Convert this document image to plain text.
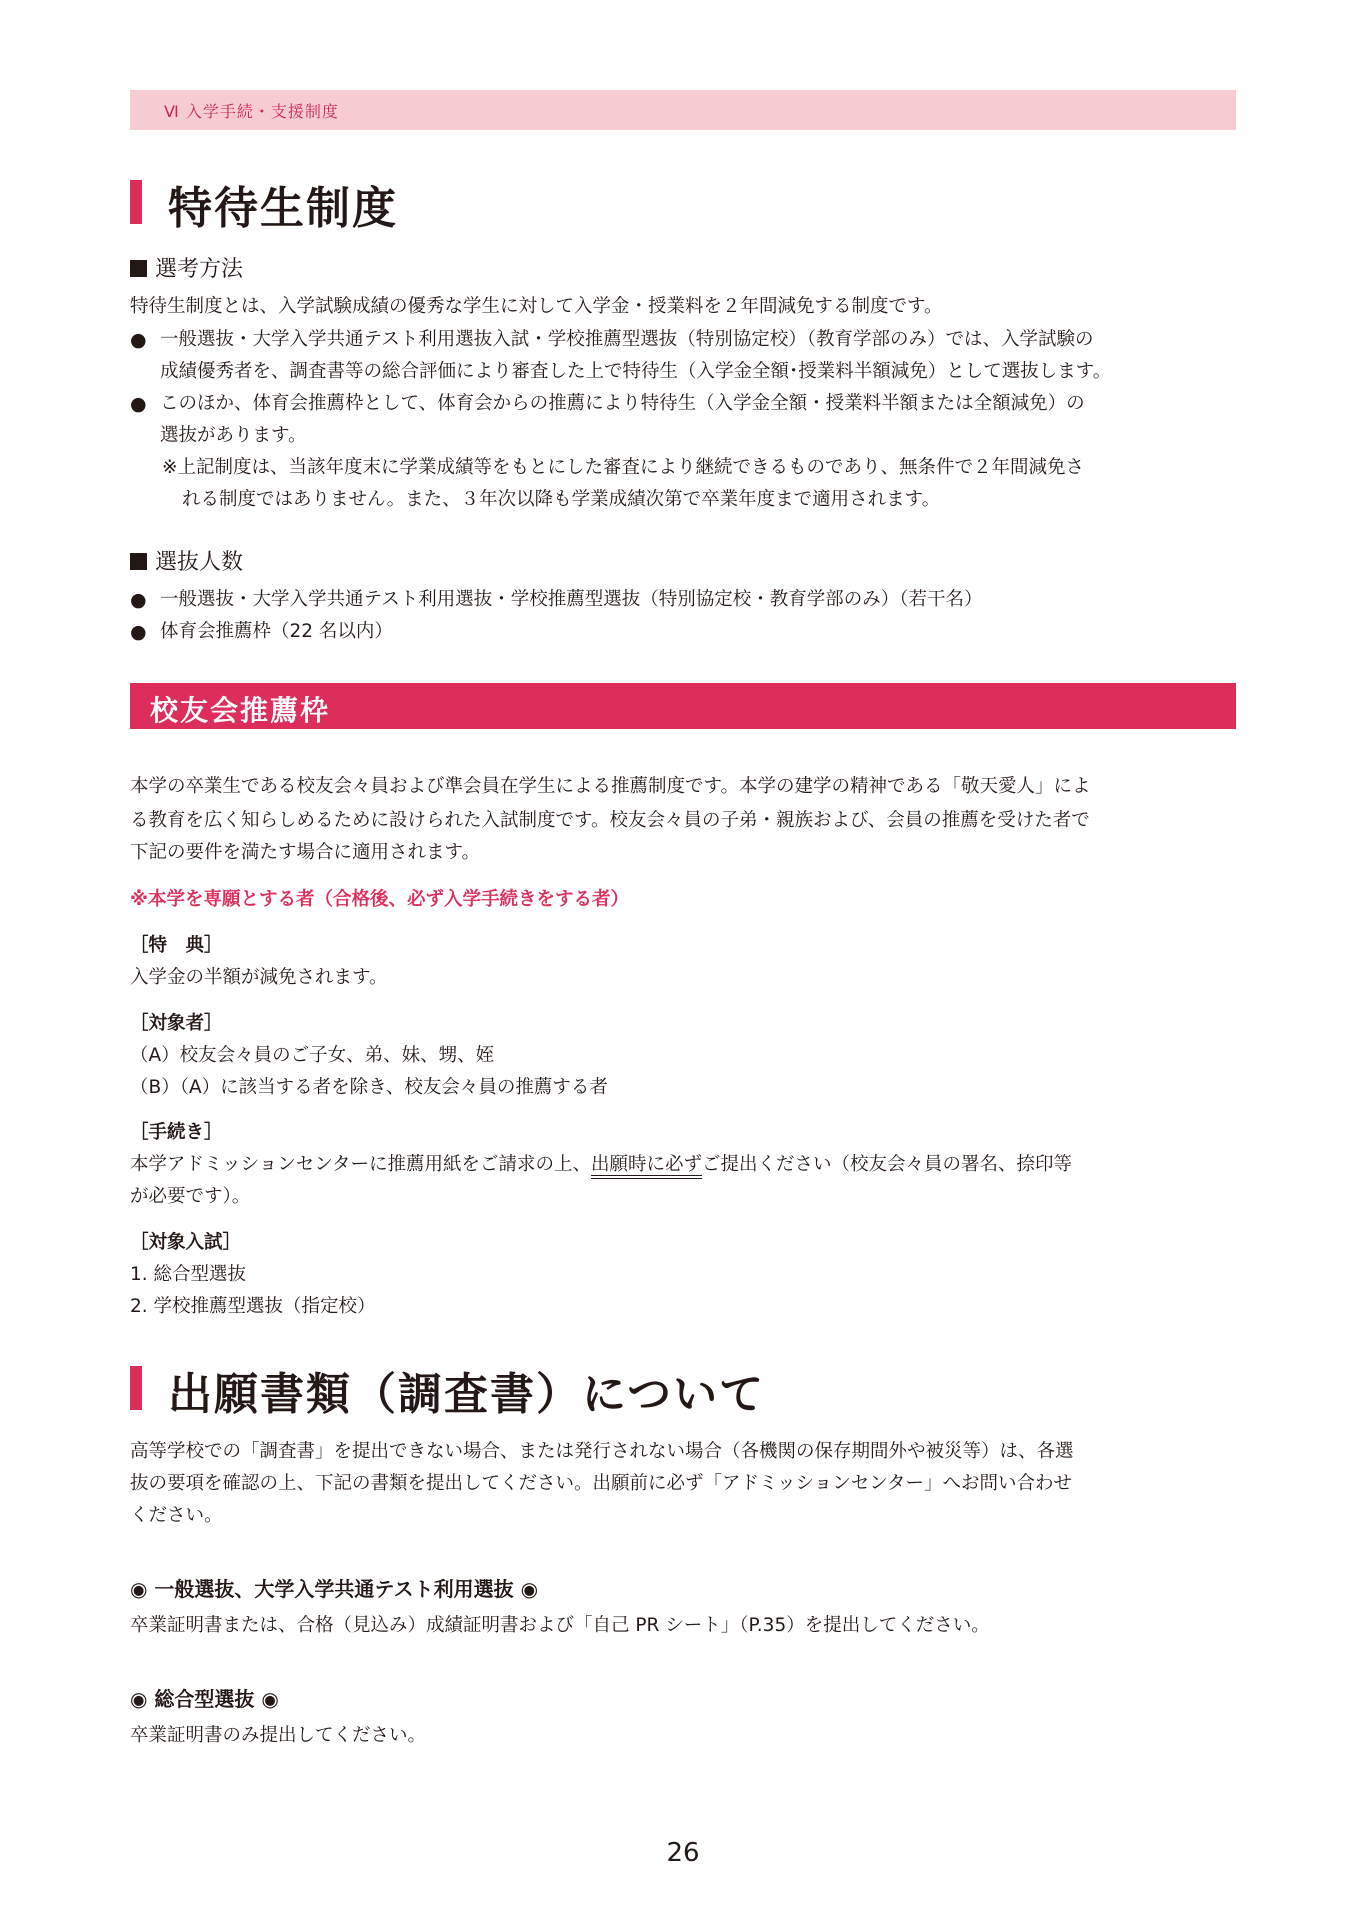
Ⅵ 入学手続・支援制度
特待生制度
選考方法
特待生制度とは、入学試験成績の優秀な学生に対して入学金・授業料を２年間減免する制度です。
● 一般選抜・大学入学共通テスト利用選抜入試・学校推薦型選抜（特別協定校）（教育学部のみ）では、入学試験の
成績優秀者を、調査書等の総合評価により審査した上で特待生（入学金全額･授業料半額減免）として選抜します。
● このほか、体育会推薦枠として、体育会からの推薦により特待生（入学金全額・授業料半額または全額減免）の
選抜があります。
※上記制度は、当該年度末に学業成績等をもとにした審査により継続できるものであり、無条件で２年間減免さ
れる制度ではありません。また、３年次以降も学業成績次第で卒業年度まで適用されます。
選抜人数
● 一般選抜・大学入学共通テスト利用選抜・学校推薦型選抜（特別協定校・教育学部のみ）（若干名）
● 体育会推薦枠（22 名以内）
校友会推薦枠
本学の卒業生である校友会々員および準会員在学生による推薦制度です。本学の建学の精神である「敬天愛人」によ
る教育を広く知らしめるために設けられた入試制度です。校友会々員の子弟・親族および、会員の推薦を受けた者で
下記の要件を満たす場合に適用されます。
※本学を専願とする者（合格後、必ず入学手続きをする者）
［特　典］
入学金の半額が減免されます。
［対象者］
（A）校友会々員のご子女、弟、妹、甥、姪
（B）（A）に該当する者を除き、校友会々員の推薦する者
［手続き］
本学アドミッションセンターに推薦用紙をご請求の上、出願時に必ずご提出ください（校友会々員の署名、捺印等
が必要です）。
［対象入試］
1. 総合型選抜
2. 学校推薦型選抜（指定校）
出願書類（調査書）について
高等学校での「調査書」を提出できない場合、または発行されない場合（各機関の保存期間外や被災等）は、各選
抜の要項を確認の上、下記の書類を提出してください。出願前に必ず「アドミッションセンター」へお問い合わせ
ください。
◉ 一般選抜、大学入学共通テスト利用選抜 ◉
卒業証明書または、合格（見込み）成績証明書および「自己 PR シート」（P.35）を提出してください。
◉ 総合型選抜 ◉
卒業証明書のみ提出してください。
26
